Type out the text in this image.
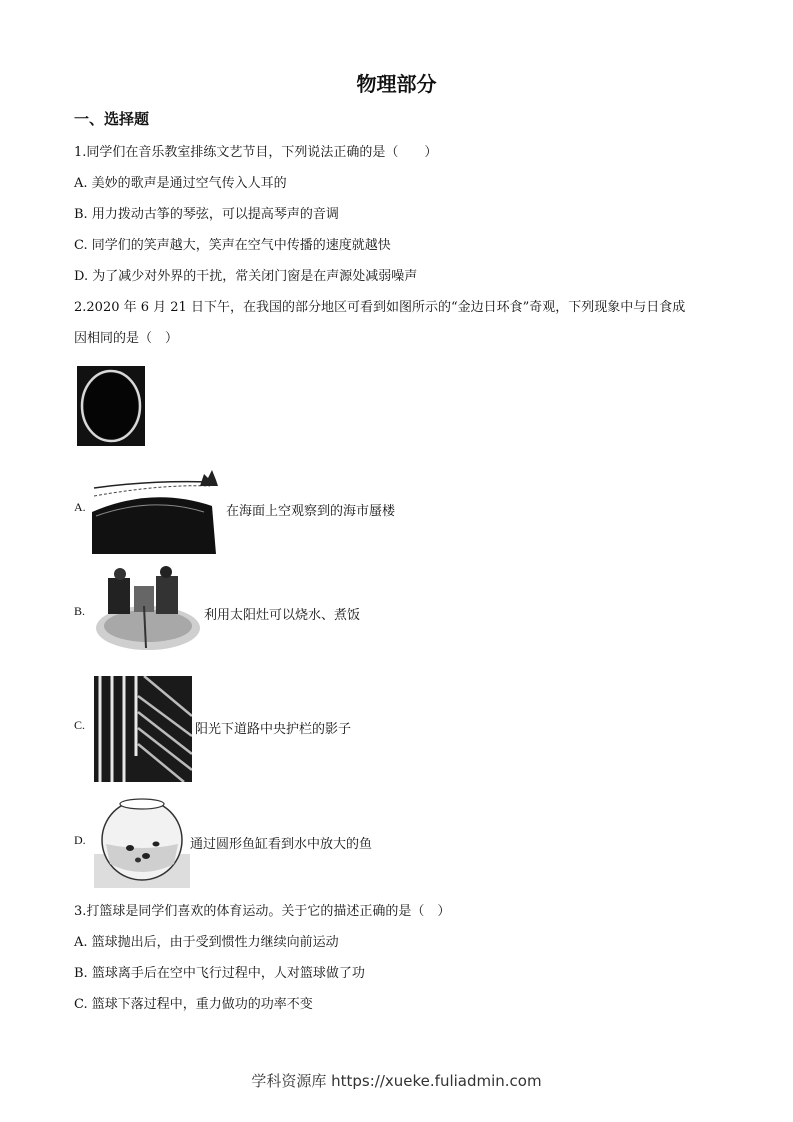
物理部分
一、选择题
1.同学们在音乐教室排练文艺节目，下列说法正确的是（　　）
A. 美妙的歌声是通过空气传入人耳的
B. 用力拨动古筝的琴弦，可以提高琴声的音调
C. 同学们的笑声越大，笑声在空气中传播的速度就越快
D. 为了减少对外界的干扰，常关闭门窗是在声源处减弱噪声
2.2020 年 6 月 21 日下午，在我国的部分地区可看到如图所示的“金边日环食”奇观，下列现象中与日食成
因相同的是（　）
A.	在海面上空观察到的海市蜃楼
B.	利用太阳灶可以烧水、煮饭
C.	阳光下道路中央护栏的影子
D.	通过圆形鱼缸看到水中放大的鱼
3.打篮球是同学们喜欢的体育运动。关于它的描述正确的是（　）
A. 篮球抛出后，由于受到惯性力继续向前运动
B. 篮球离手后在空中飞行过程中，人对篮球做了功
C. 篮球下落过程中，重力做功的功率不变
学科资源库 https://xueke.fuliadmin.com
